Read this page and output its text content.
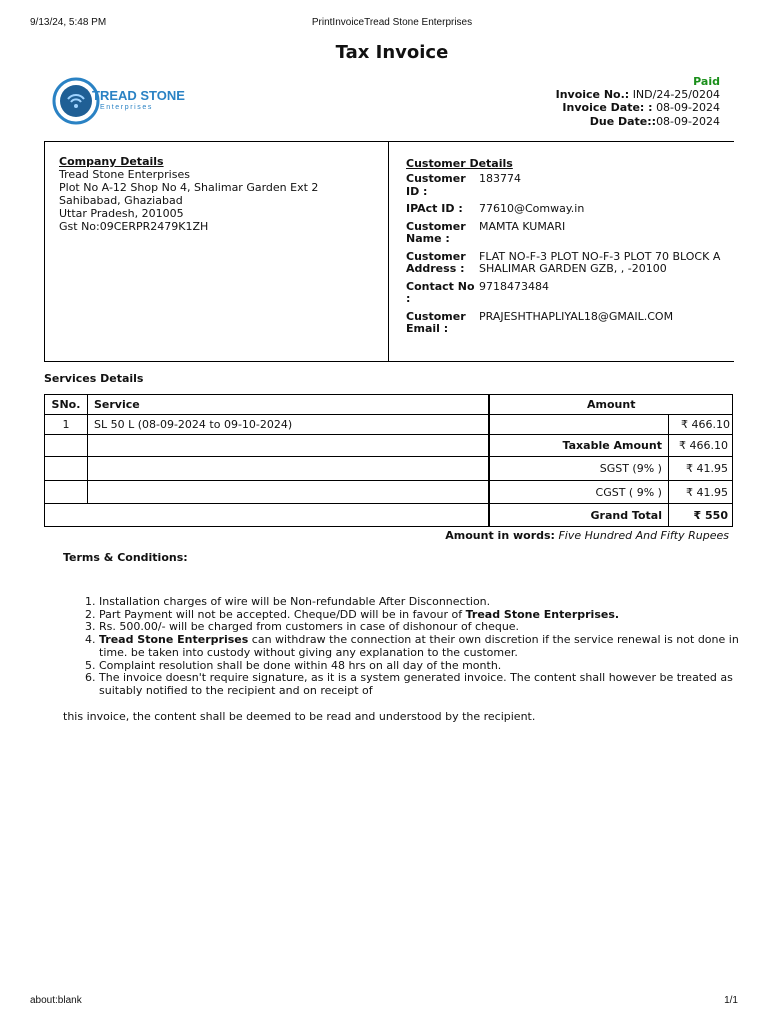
9/13/24, 5:48 PM	PrintInvoiceTread Stone Enterprises
Tax Invoice
TREAD STONE
Enterprises
Paid
Invoice No.: IND/24-25/0204
Invoice Date: : 08-09-2024
Due Date::08-09-2024
Company Details
Tread Stone Enterprises
Plot No A-12 Shop No 4, Shalimar Garden Ext 2
Sahibabad, Ghaziabad
Uttar Pradesh, 201005
Gst No:09CERPR2479K1ZH
Customer Details
Customer ID :
183774
IPAct ID :	77610@Comway.in
Customer Name :
MAMTA KUMARI
Customer Address :
FLAT NO-F-3 PLOT NO-F-3 PLOT 70 BLOCK A SHALIMAR GARDEN GZB, , -20100
Contact No :
9718473484
Customer Email :
PRAJESHTHAPLIYAL18@GMAIL.COM
Services Details
SNo.	Service		Amount	
1	SL 50 L (08-09-2024 to 09-10-2024)			₹ 466.10
			Taxable Amount	₹ 466.10
			SGST (9% )	₹ 41.95
			CGST ( 9% )	₹ 41.95
		Grand Total	₹ 550
Amount in words: Five Hundred And Fifty Rupees
Terms & Conditions:
1. Installation charges of wire will be Non-refundable After Disconnection.
2. Part Payment will not be accepted. Cheque/DD will be in favour of Tread Stone Enterprises.
3. Rs. 500.00/- will be charged from customers in case of dishonour of cheque.
4. Tread Stone Enterprises can withdraw the connection at their own discretion if the service renewal is not done in time. be taken into custody without giving any explanation to the customer.
5. Complaint resolution shall be done within 48 hrs on all day of the month.
6. The invoice doesn't require signature, as it is a system generated invoice. The content shall however be treated as suitably notified to the recipient and on receipt of
this invoice, the content shall be deemed to be read and understood by the recipient.
about:blank	1/1
